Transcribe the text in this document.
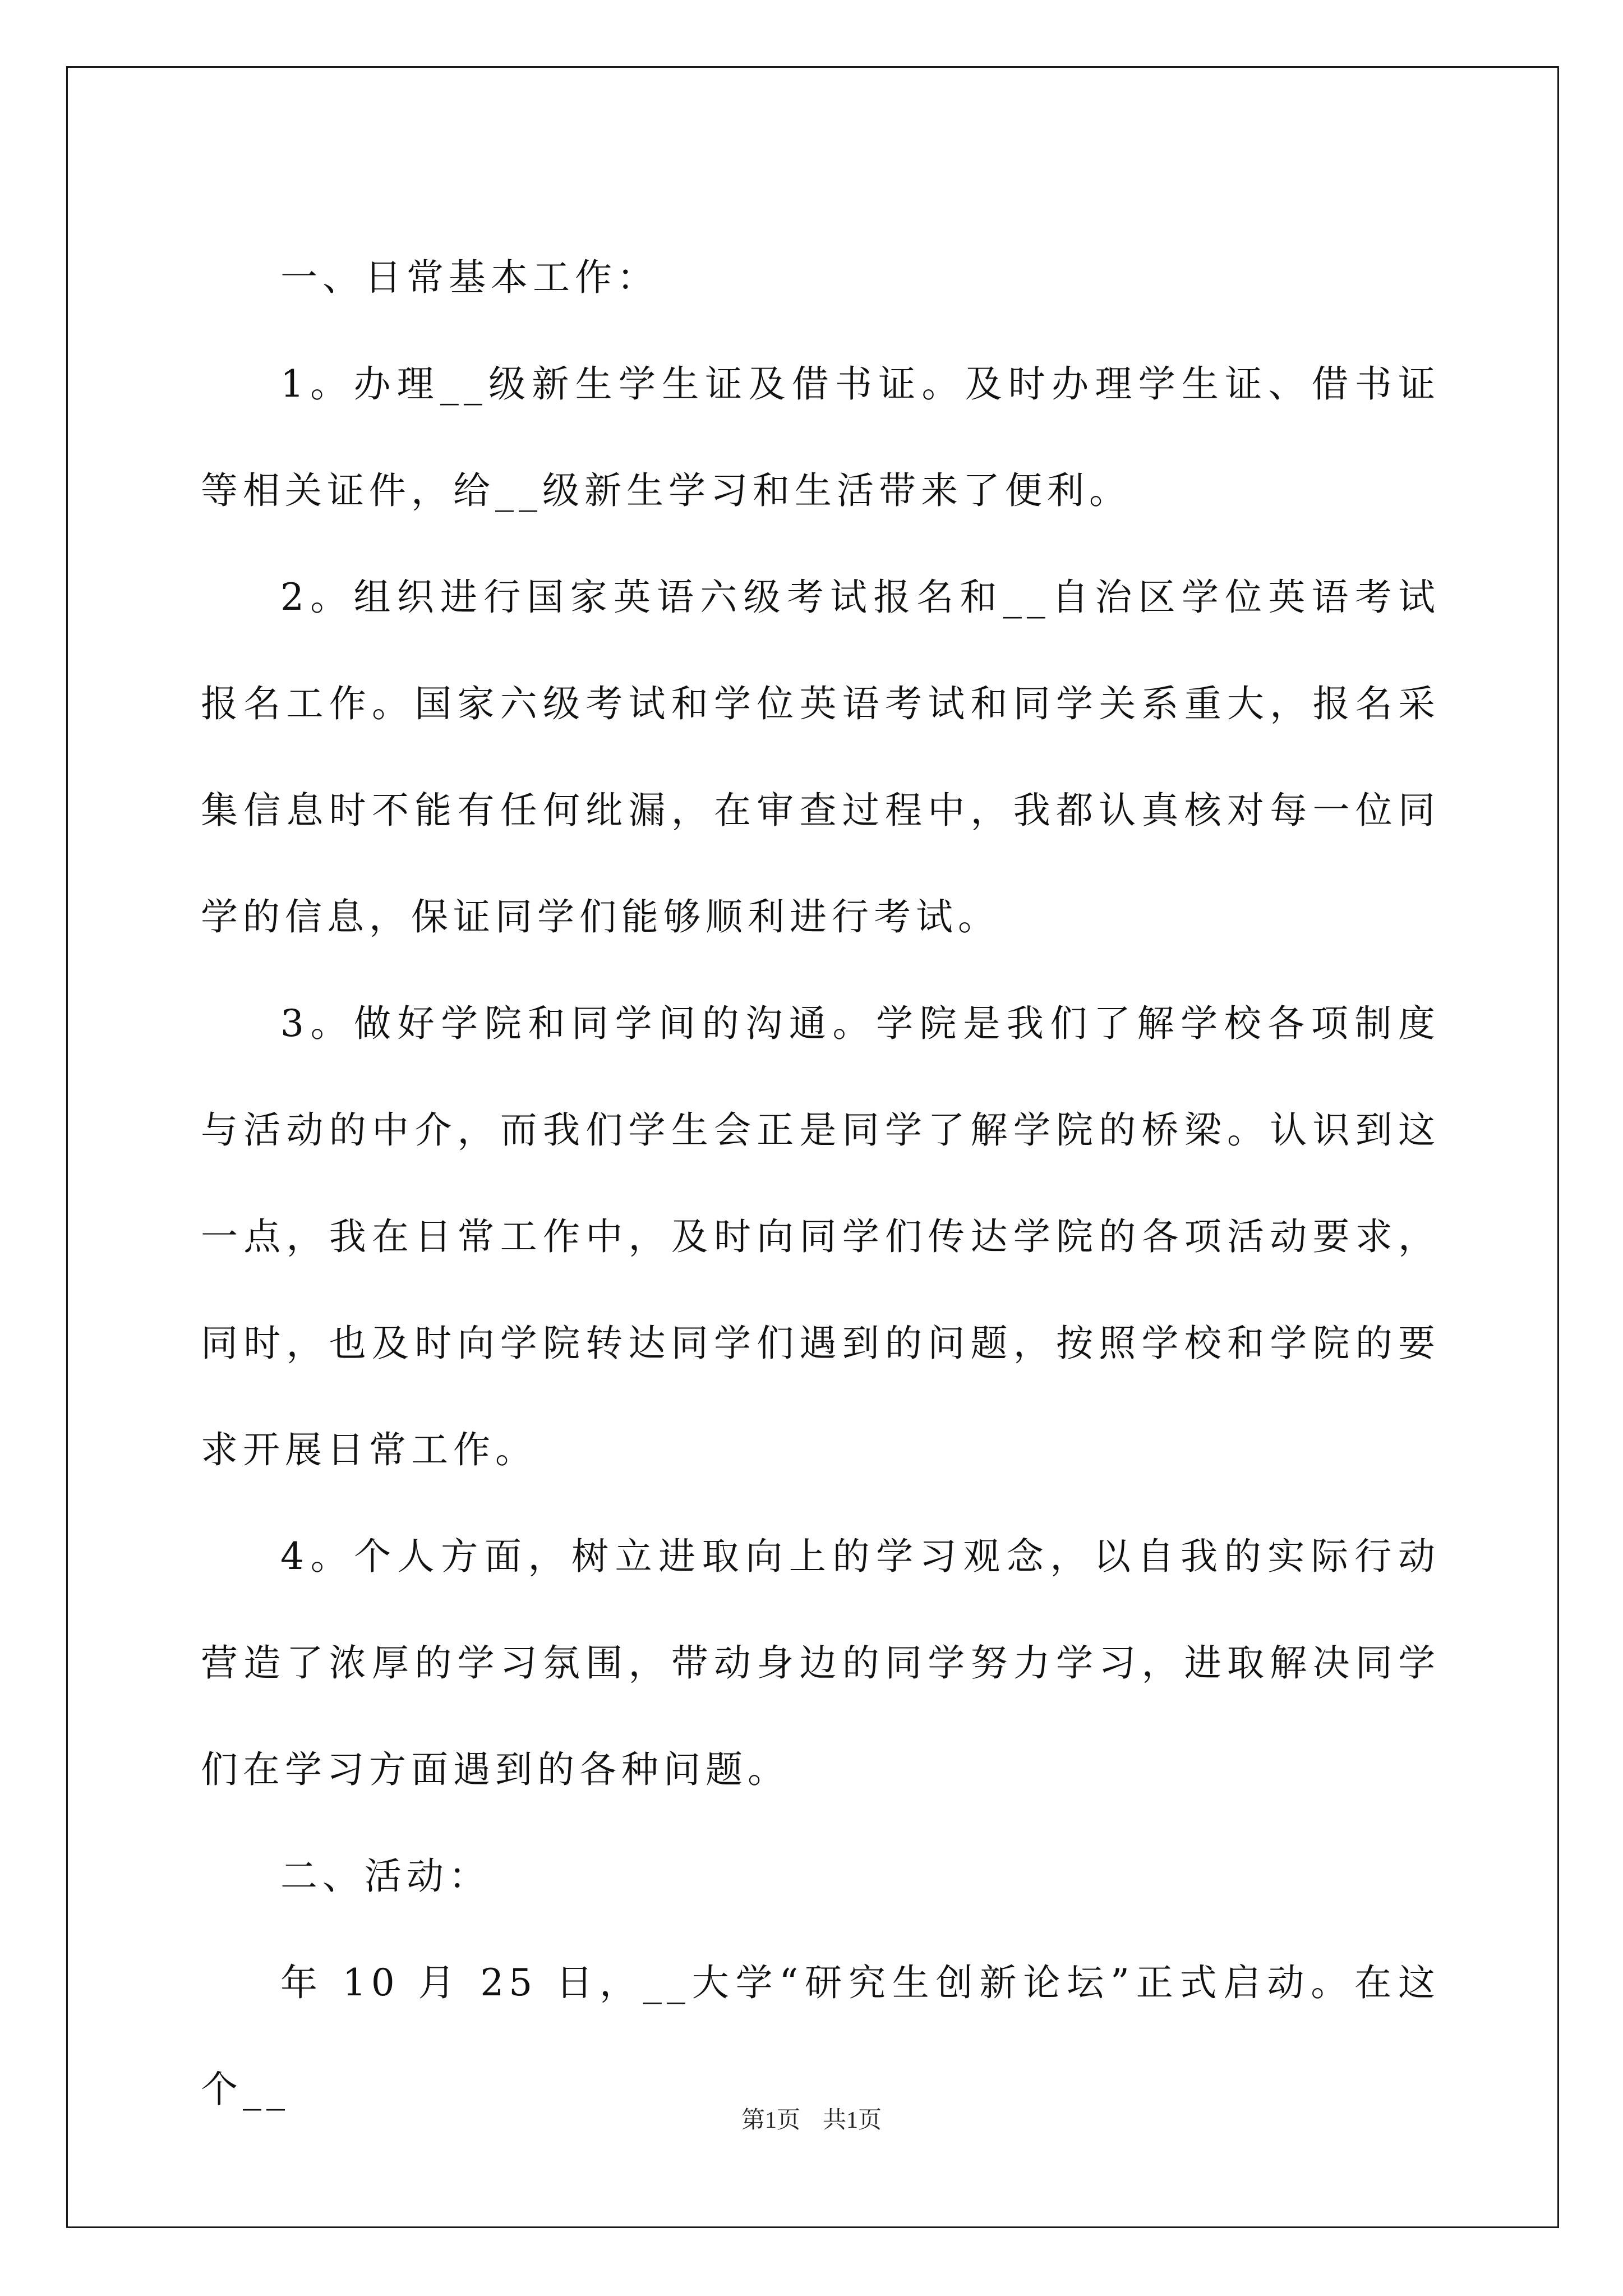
一、日常基本工作：

1。办理__级新生学生证及借书证。及时办理学生证、借书证等相关证件，给__级新生学习和生活带来了便利。

2。组织进行国家英语六级考试报名和__自治区学位英语考试报名工作。国家六级考试和学位英语考试和同学关系重大，报名采集信息时不能有任何纰漏，在审查过程中，我都认真核对每一位同学的信息，保证同学们能够顺利进行考试。

3。做好学院和同学间的沟通。学院是我们了解学校各项制度与活动的中介，而我们学生会正是同学了解学院的桥梁。认识到这一点，我在日常工作中，及时向同学们传达学院的各项活动要求，同时，也及时向学院转达同学们遇到的问题，按照学校和学院的要求开展日常工作。

4。个人方面，树立进取向上的学习观念，以自我的实际行动营造了浓厚的学习氛围，带动身边的同学努力学习，进取解决同学们在学习方面遇到的各种问题。

二、活动：

年 10 月 25 日，__大学“研究生创新论坛”正式启动。在这个__

第1页 共1页
